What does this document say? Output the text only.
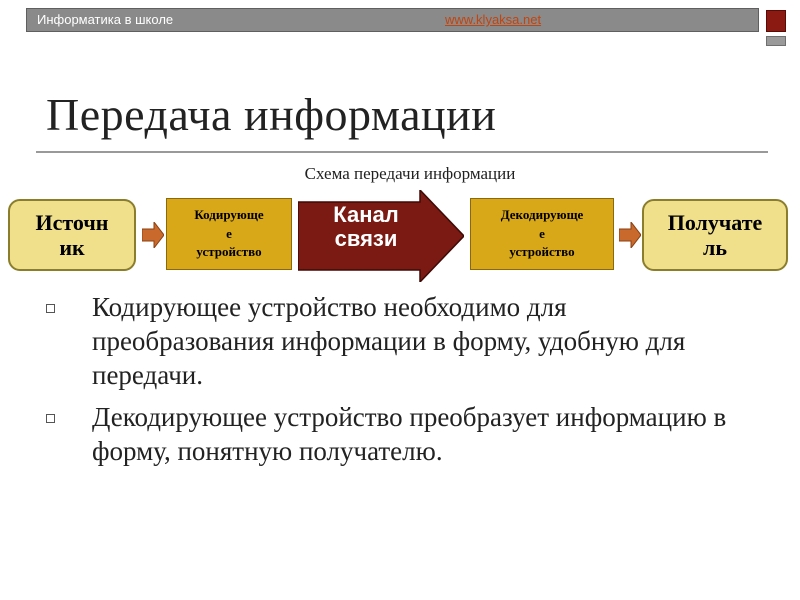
Информатика в школе	www.klyaksa.net
Передача информации
Схема передачи информации
Источн
ик
Кодирующе
е
устройство
Канал
связи
Декодирующе
е
устройство
Получате
ль
Кодирующее устройство необходимо для преобразования информации в форму, удобную для передачи.
Декодирующее устройство преобразует информацию в форму, понятную получателю.
